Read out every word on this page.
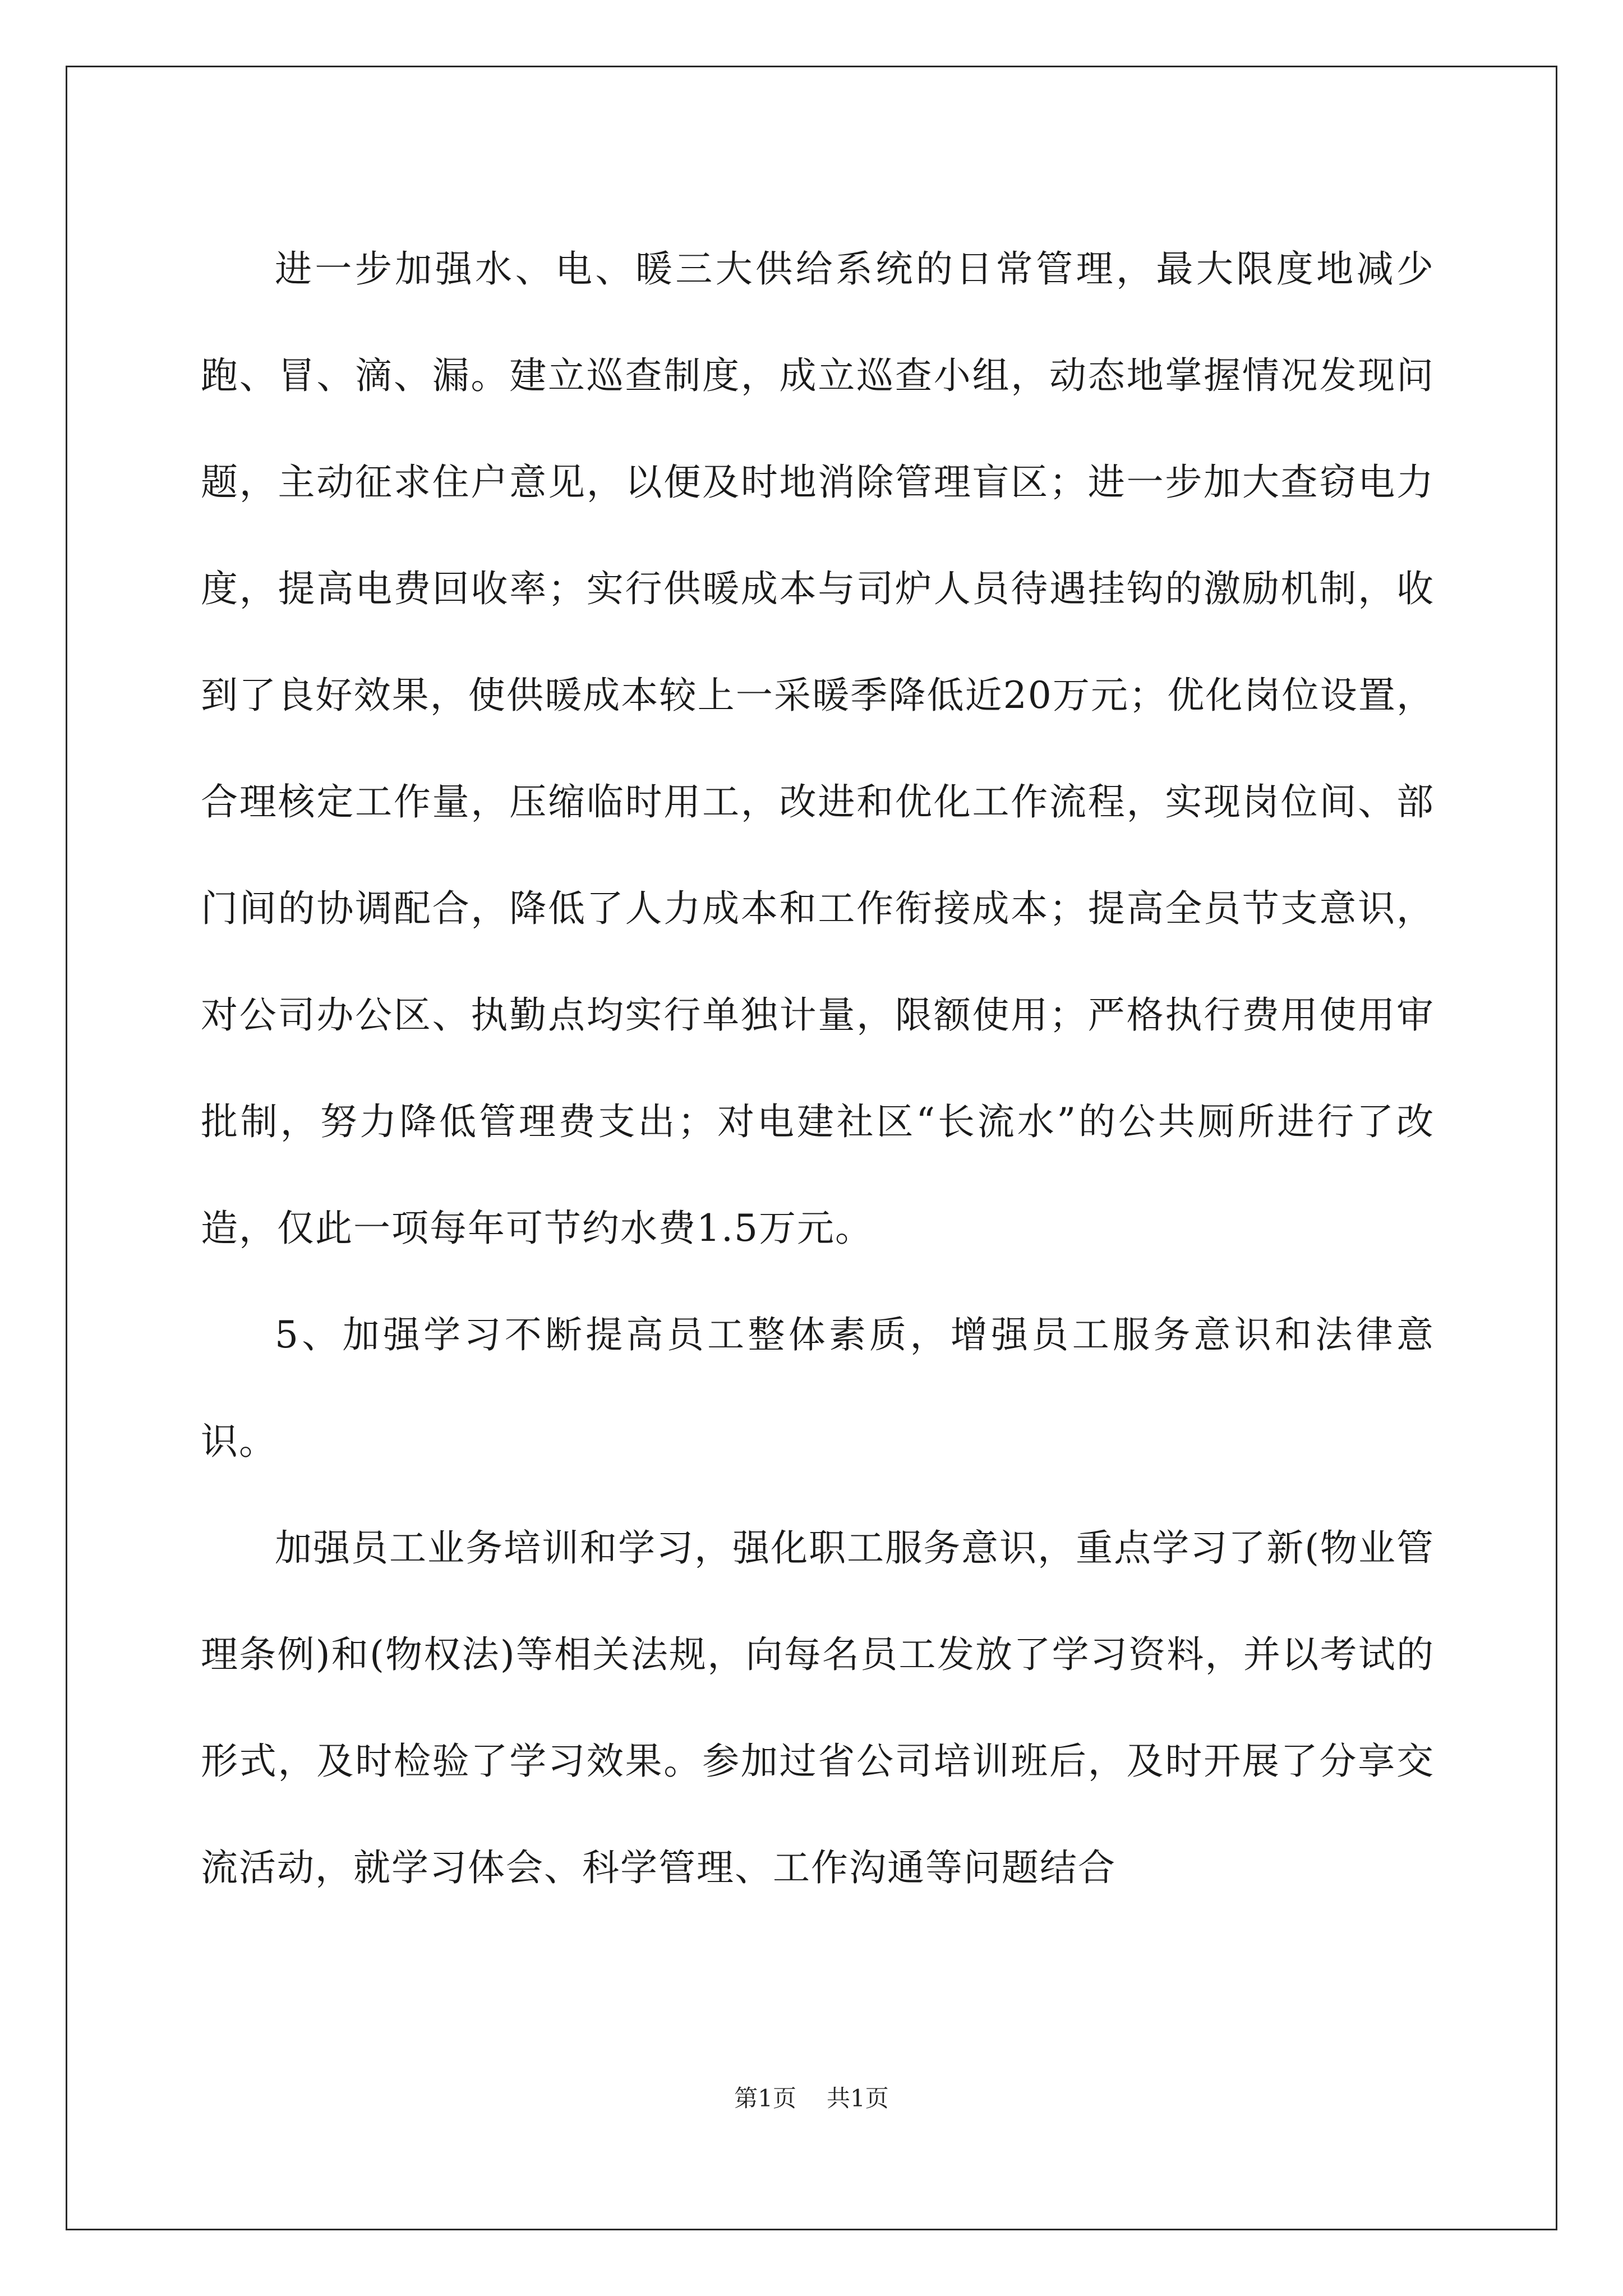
进一步加强水、电、暖三大供给系统的日常管理，最大限度地减少跑、冒、滴、漏。建立巡查制度，成立巡查小组，动态地掌握情况发现问题，主动征求住户意见，以便及时地消除管理盲区；进一步加大查窃电力度，提高电费回收率；实行供暖成本与司炉人员待遇挂钩的激励机制，收到了良好效果，使供暖成本较上一采暖季降低近20万元；优化岗位设置，合理核定工作量，压缩临时用工，改进和优化工作流程，实现岗位间、部门间的协调配合，降低了人力成本和工作衔接成本；提高全员节支意识，对公司办公区、执勤点均实行单独计量，限额使用；严格执行费用使用审批制，努力降低管理费支出；对电建社区“长流水”的公共厕所进行了改造，仅此一项每年可节约水费1.5万元。

5、加强学习不断提高员工整体素质，增强员工服务意识和法律意识。

加强员工业务培训和学习，强化职工服务意识，重点学习了新(物业管理条例)和(物权法)等相关法规，向每名员工发放了学习资料，并以考试的形式，及时检验了学习效果。参加过省公司培训班后，及时开展了分享交流活动，就学习体会、科学管理、工作沟通等问题结合

第1页 共1页
